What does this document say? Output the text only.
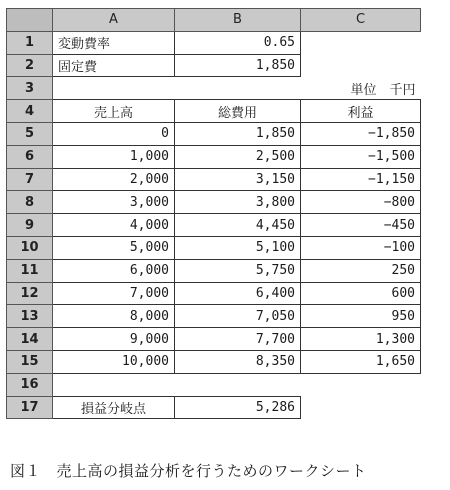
	A	B	C
1	変動費率	0.65	
2	固定費	1,850	
3			単位　千円
4	売上高	総費用	利益
5	0	1,850	−1,850
6	1,000	2,500	−1,500
7	2,000	3,150	−1,150
8	3,000	3,800	−800
9	4,000	4,450	−450
10	5,000	5,100	−100
11	6,000	5,750	250
12	7,000	6,400	600
13	8,000	7,050	950
14	9,000	7,700	1,300
15	10,000	8,350	1,650
16			
17	損益分岐点	5,286	
図１　売上高の損益分析を行うためのワークシート
